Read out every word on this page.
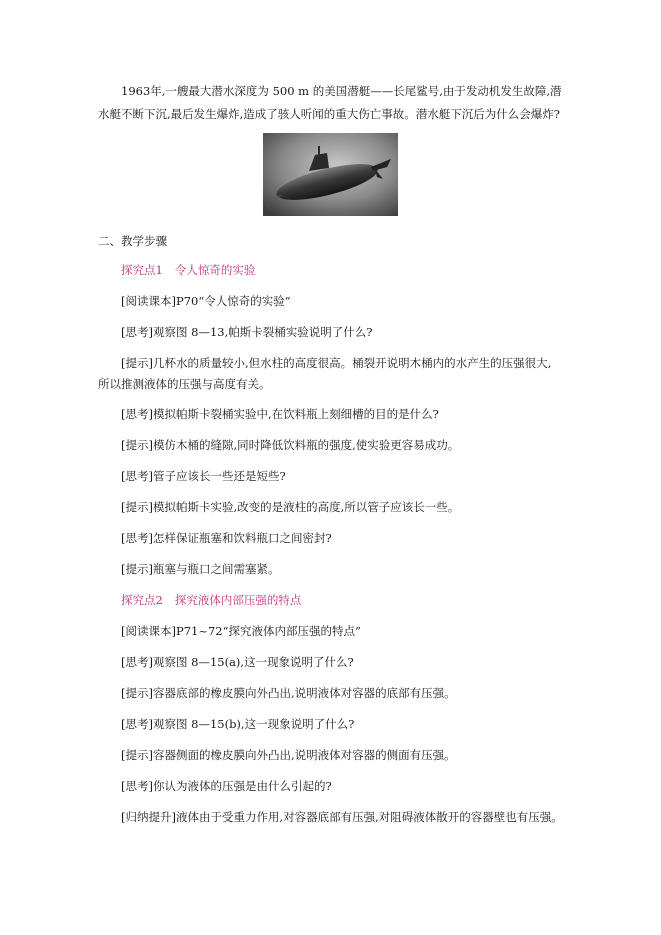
1963年,一艘最大潜水深度为 500 m 的美国潜艇——长尾鲨号,由于发动机发生故障,潜
水艇不断下沉,最后发生爆炸,造成了骇人听闻的重大伤亡事故。潜水艇下沉后为什么会爆炸?
二、教学步骤
探究点1 令人惊奇的实验
[阅读课本]P70“令人惊奇的实验”
[思考]观察图 8—13,帕斯卡裂桶实验说明了什么?
[提示]几杯水的质量较小,但水柱的高度很高。桶裂开说明木桶内的水产生的压强很大,
所以推测液体的压强与高度有关。
[思考]模拟帕斯卡裂桶实验中,在饮料瓶上刻细槽的目的是什么?
[提示]模仿木桶的缝隙,同时降低饮料瓶的强度,使实验更容易成功。
[思考]管子应该长一些还是短些?
[提示]模拟帕斯卡实验,改变的是液柱的高度,所以管子应该长一些。
[思考]怎样保证瓶塞和饮料瓶口之间密封?
[提示]瓶塞与瓶口之间需塞紧。
探究点2 探究液体内部压强的特点
[阅读课本]P71~72“探究液体内部压强的特点”
[思考]观察图 8—15(a),这一现象说明了什么?
[提示]容器底部的橡皮膜向外凸出,说明液体对容器的底部有压强。
[思考]观察图 8—15(b),这一现象说明了什么?
[提示]容器侧面的橡皮膜向外凸出,说明液体对容器的侧面有压强。
[思考]你认为液体的压强是由什么引起的?
[归纳提升]液体由于受重力作用,对容器底部有压强,对阻碍液体散开的容器壁也有压强。
